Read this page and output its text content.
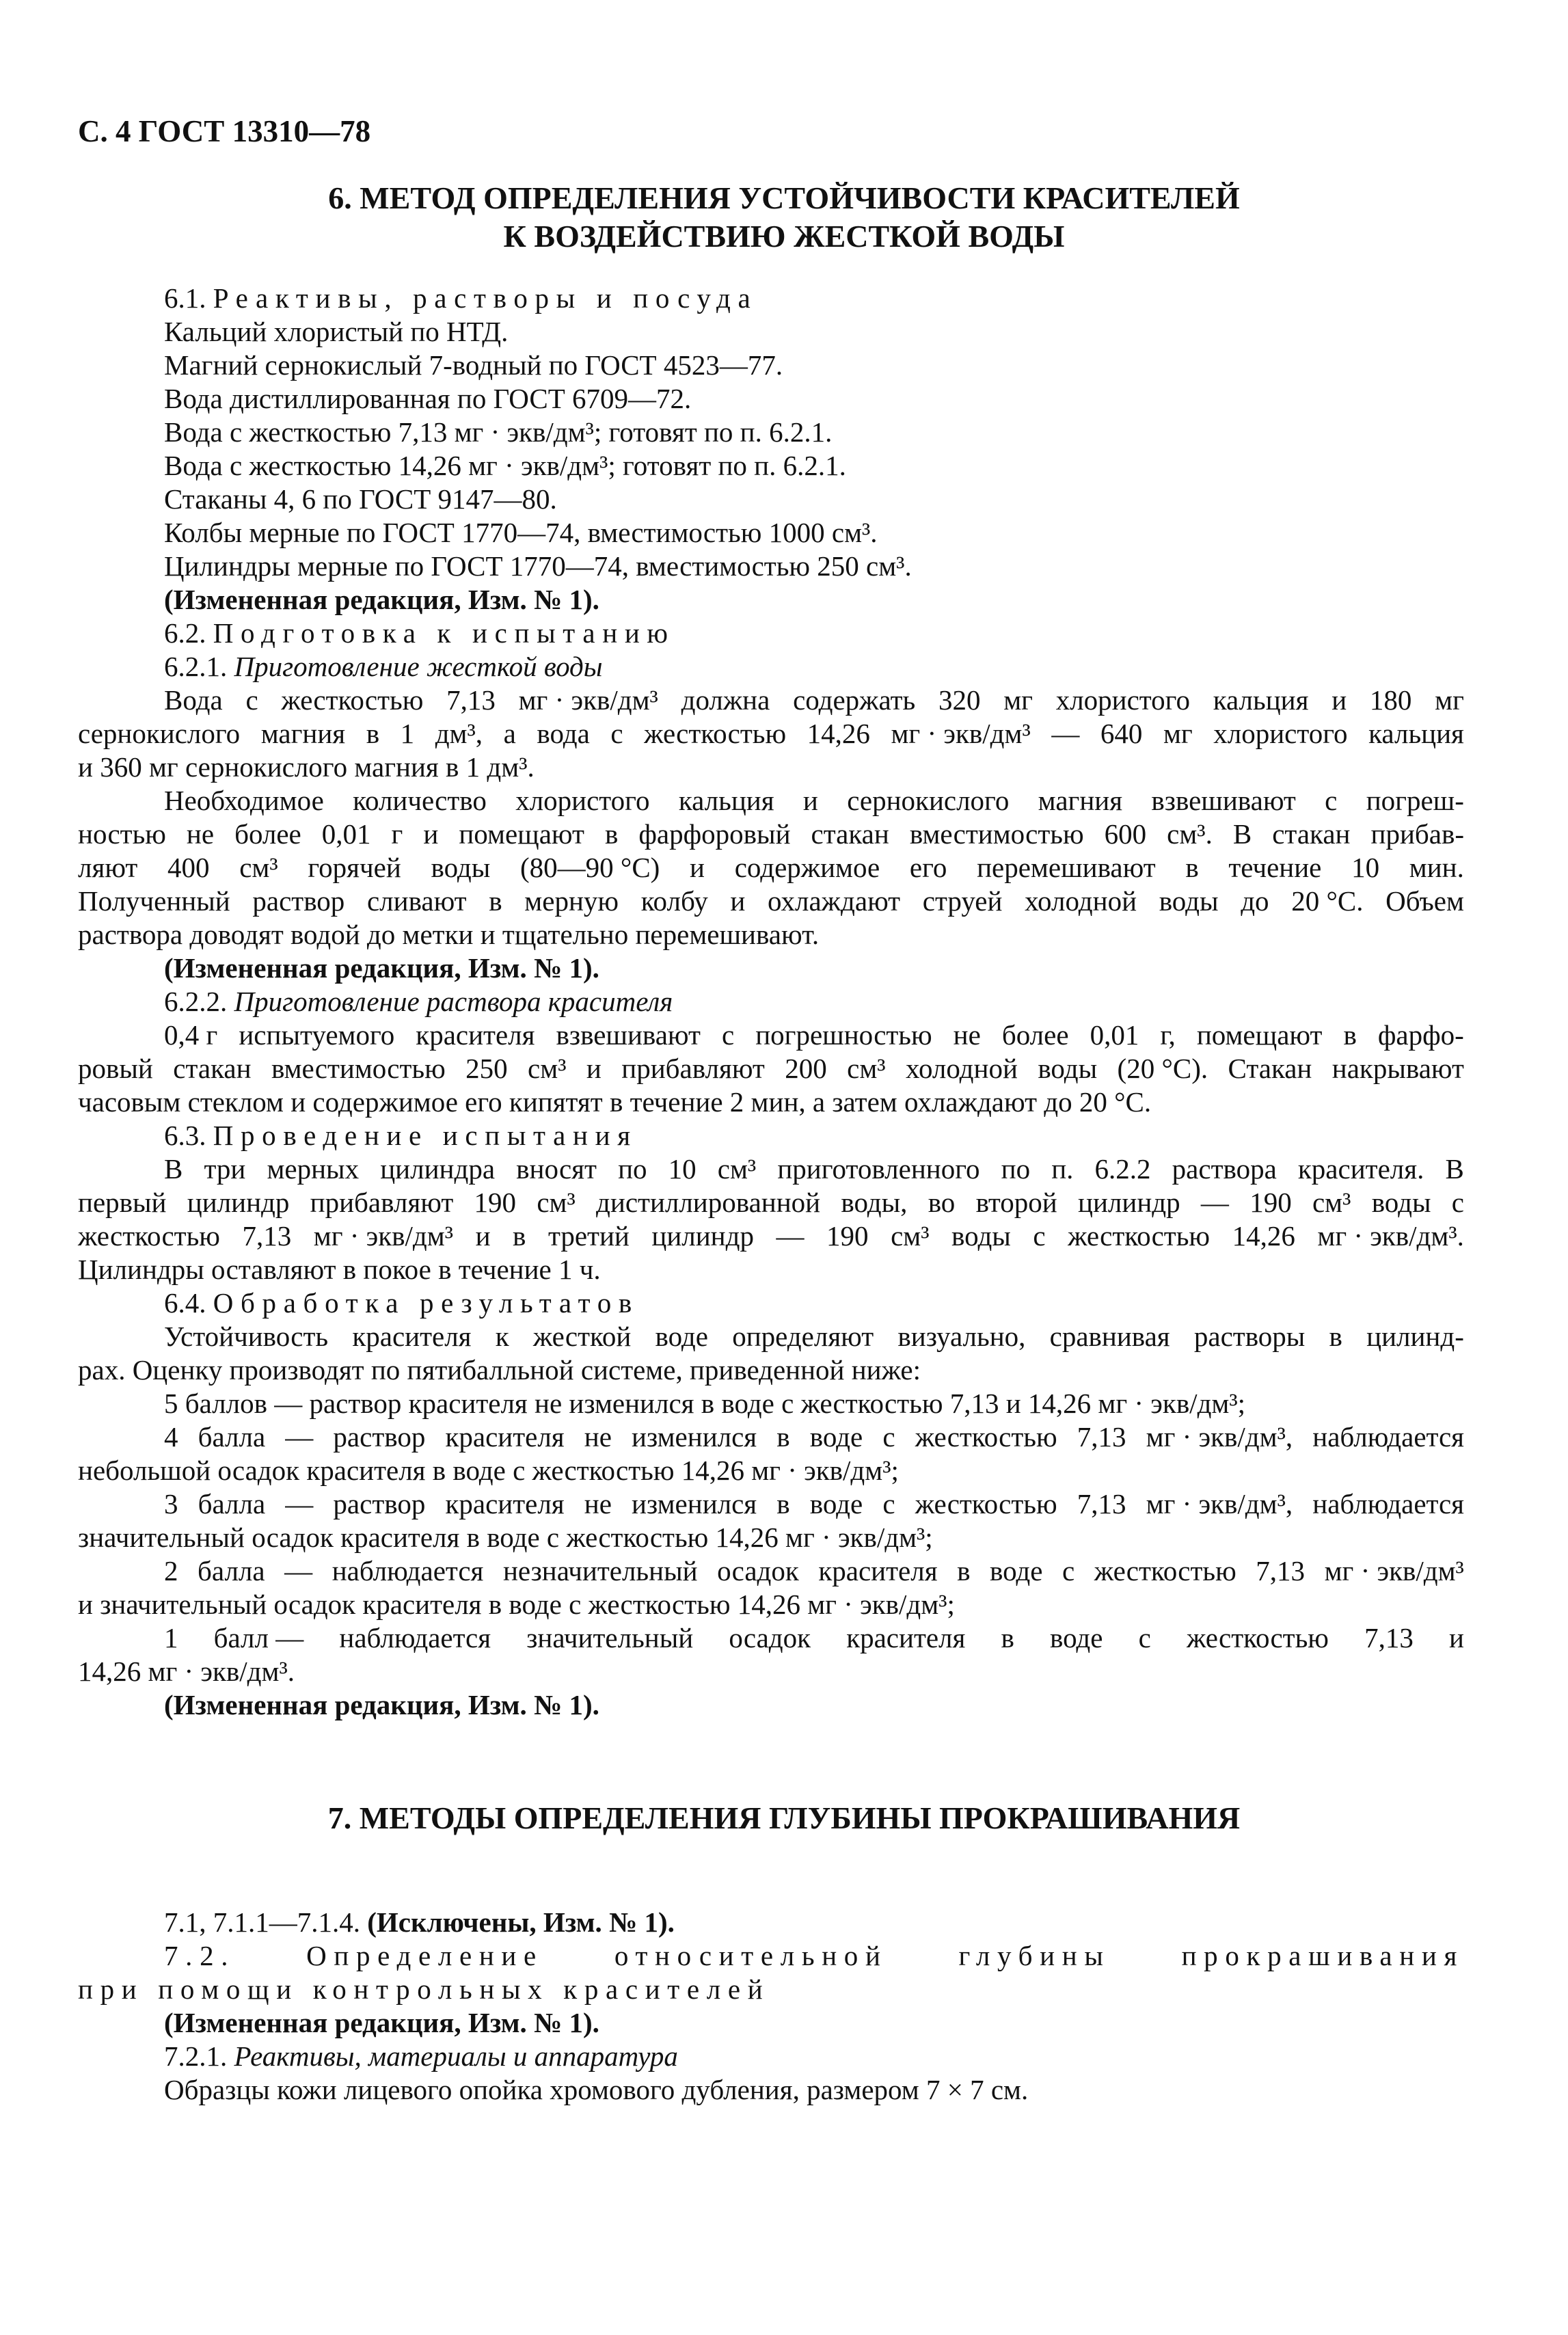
С. 4 ГОСТ 13310—78
6. МЕТОД ОПРЕДЕЛЕНИЯ УСТОЙЧИВОСТИ КРАСИТЕЛЕЙ
К ВОЗДЕЙСТВИЮ ЖЕСТКОЙ ВОДЫ
6.1. Реактивы, растворы и посуда
Кальций хлористый по НТД.
Магний сернокислый 7-водный по ГОСТ 4523—77.
Вода дистиллированная по ГОСТ 6709—72.
Вода с жесткостью 7,13 мг · экв/дм³; готовят по п. 6.2.1.
Вода с жесткостью 14,26 мг · экв/дм³; готовят по п. 6.2.1.
Стаканы 4, 6 по ГОСТ 9147—80.
Колбы мерные по ГОСТ 1770—74, вместимостью 1000 см³.
Цилиндры мерные по ГОСТ 1770—74, вместимостью 250 см³.
(Измененная редакция, Изм. № 1).
6.2. Подготовка к испытанию
6.2.1. Приготовление жесткой воды
Вода с жесткостью 7,13 мг · экв/дм³ должна содержать 320 мг хлористого кальция и 180 мг
сернокислого магния в 1 дм³, а вода с жесткостью 14,26 мг · экв/дм³ — 640 мг хлористого кальция
и 360 мг сернокислого магния в 1 дм³.
Необходимое количество хлористого кальция и сернокислого магния взвешивают с погреш-
ностью не более 0,01 г и помещают в фарфоровый стакан вместимостью 600 см³. В стакан прибав-
ляют 400 см³ горячей воды (80—90 °С) и содержимое его перемешивают в течение 10 мин.
Полученный раствор сливают в мерную колбу и охлаждают струей холодной воды до 20 °С. Объем
раствора доводят водой до метки и тщательно перемешивают.
(Измененная редакция, Изм. № 1).
6.2.2. Приготовление раствора красителя
0,4 г испытуемого красителя взвешивают с погрешностью не более 0,01 г, помещают в фарфо-
ровый стакан вместимостью 250 см³ и прибавляют 200 см³ холодной воды (20 °С). Стакан накрывают
часовым стеклом и содержимое его кипятят в течение 2 мин, а затем охлаждают до 20 °С.
6.3. Проведение испытания
В три мерных цилиндра вносят по 10 см³ приготовленного по п. 6.2.2 раствора красителя. В
первый цилиндр прибавляют 190 см³ дистиллированной воды, во второй цилиндр — 190 см³ воды с
жесткостью 7,13 мг · экв/дм³ и в третий цилиндр — 190 см³ воды с жесткостью 14,26 мг · экв/дм³.
Цилиндры оставляют в покое в течение 1 ч.
6.4. Обработка результатов
Устойчивость красителя к жесткой воде определяют визуально, сравнивая растворы в цилинд-
рах. Оценку производят по пятибалльной системе, приведенной ниже:
5 баллов — раствор красителя не изменился в воде с жесткостью 7,13 и 14,26 мг · экв/дм³;
4 балла — раствор красителя не изменился в воде с жесткостью 7,13 мг · экв/дм³, наблюдается
небольшой осадок красителя в воде с жесткостью 14,26 мг · экв/дм³;
3 балла — раствор красителя не изменился в воде с жесткостью 7,13 мг · экв/дм³, наблюдается
значительный осадок красителя в воде с жесткостью 14,26 мг · экв/дм³;
2 балла — наблюдается незначительный осадок красителя в воде с жесткостью 7,13 мг · экв/дм³
и значительный осадок красителя в воде с жесткостью 14,26 мг · экв/дм³;
1 балл — наблюдается значительный осадок красителя в воде с жесткостью 7,13 и
14,26 мг · экв/дм³.
(Измененная редакция, Изм. № 1).
7. МЕТОДЫ ОПРЕДЕЛЕНИЯ ГЛУБИНЫ ПРОКРАШИВАНИЯ
7.1, 7.1.1—7.1.4. (Исключены, Изм. № 1).
7.2.	Определение	относительной	глубины	прокрашивания
при помощи контрольных красителей
(Измененная редакция, Изм. № 1).
7.2.1. Реактивы, материалы и аппаратура
Образцы кожи лицевого опойка хромового дубления, размером 7 × 7 см.
